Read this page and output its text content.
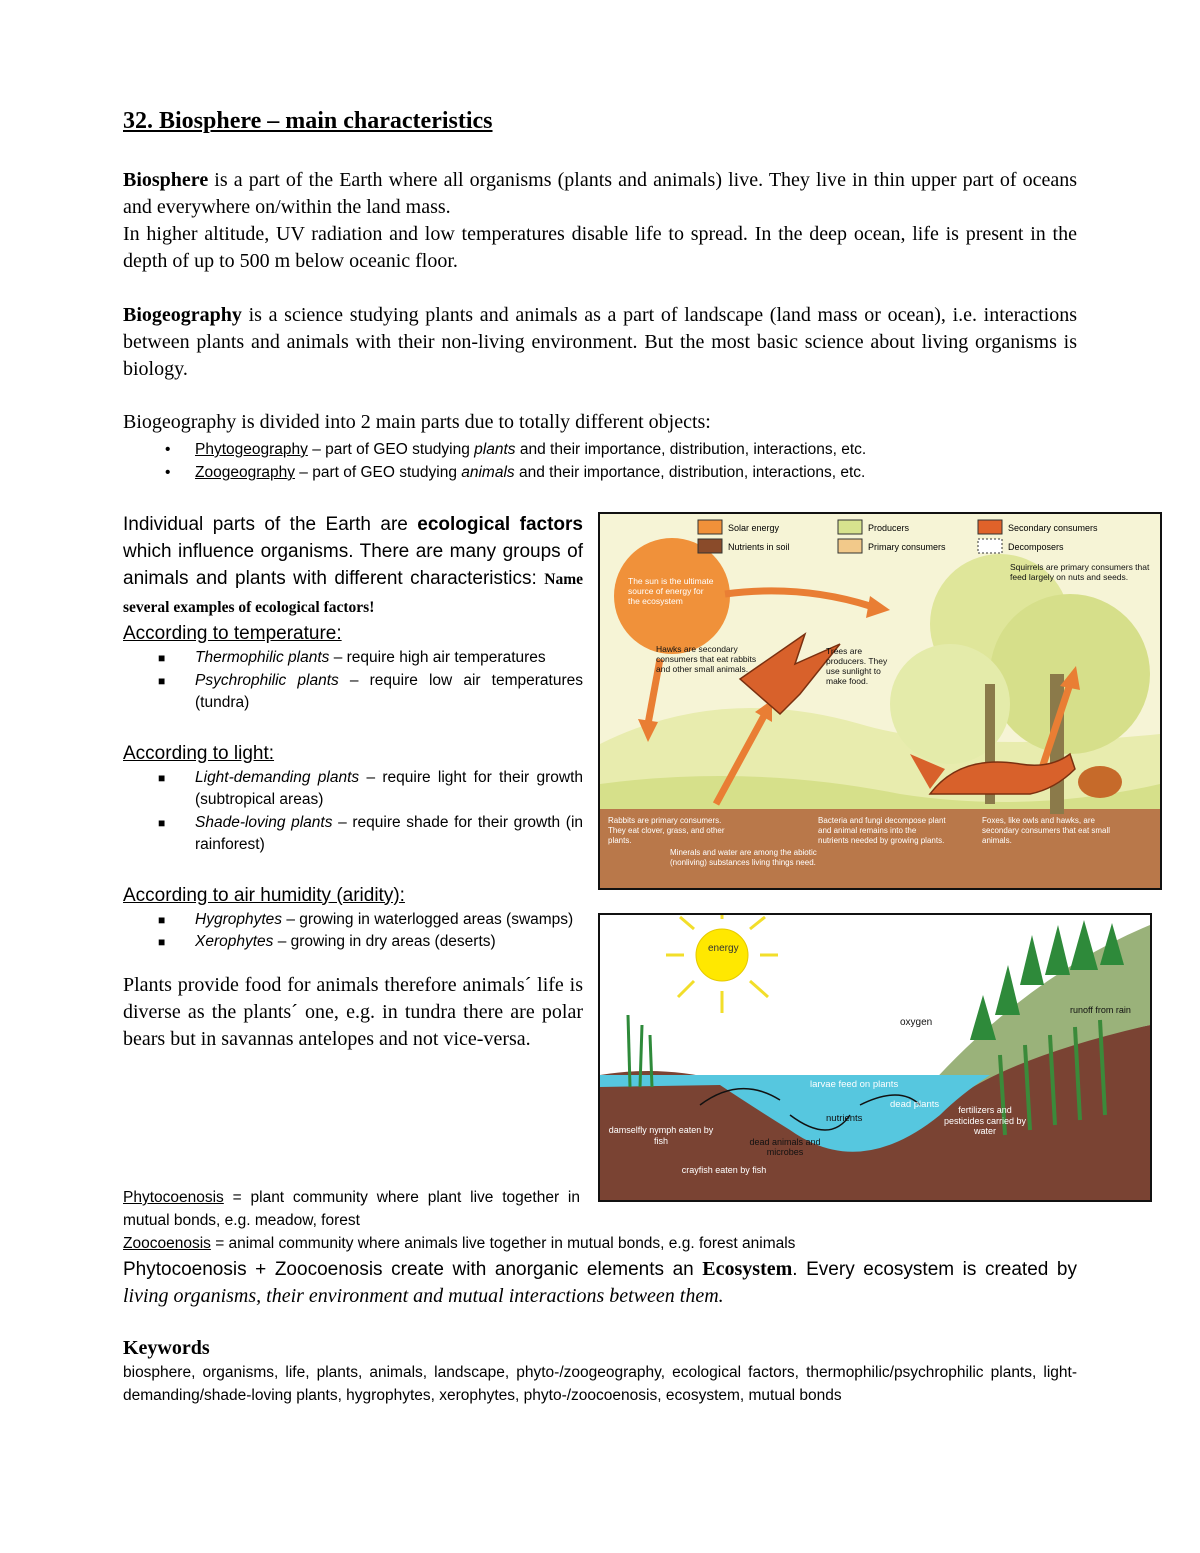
32. Biosphere – main characteristics
Biosphere is a part of the Earth where all organisms (plants and animals) live. They live in thin upper part of oceans and everywhere on/within the land mass.
In higher altitude, UV radiation and low temperatures disable life to spread. In the deep ocean, life is present in the depth of up to 500 m below oceanic floor.
Biogeography is a science studying plants and animals as a part of landscape (land mass or ocean), i.e. interactions between plants and animals with their non-living environment. But the most basic science about living organisms is biology.
Biogeography is divided into 2 main parts due to totally different objects:
• Phytogeography – part of GEO studying plants and their importance, distribution, interactions, etc.
• Zoogeography – part of GEO studying animals and their importance, distribution, interactions, etc.
Individual parts of the Earth are ecological factors which influence organisms. There are many groups of animals and plants with different characteristics: Name several examples of ecological factors!
According to temperature:
■ Thermophilic plants – require high air temperatures
■ Psychrophilic plants – require low air temperatures (tundra)
According to light:
■ Light-demanding plants – require light for their growth (subtropical areas)
■ Shade-loving plants – require shade for their growth (in rainforest)
According to air humidity (aridity):
■ Hygrophytes – growing in waterlogged areas (swamps)
■ Xerophytes – growing in dry areas (deserts)
Plants provide food for animals therefore animals´ life is diverse as the plants´ one, e.g. in tundra there are polar bears but in savannas antelopes and not vice-versa.
Phytocoenosis = plant community where plant live together in mutual bonds, e.g. meadow, forest
Zoocoenosis = animal community where animals live together in mutual bonds, e.g. forest animals
Phytocoenosis + Zoocoenosis create with anorganic elements an Ecosystem. Every ecosystem is created by living organisms, their environment and mutual interactions between them.
Keywords
biosphere, organisms, life, plants, animals, landscape, phyto-/zoogeography, ecological factors, thermophilic/psychrophilic plants, light-demanding/shade-loving plants, hygrophytes, xerophytes, phyto-/zoocoenosis, ecosystem, mutual bonds
Solar energy	Producers	Secondary consumers
Nutrients in soil	Primary consumers	Decomposers
The sun is the ultimate source of energy for the ecosystem
Hawks are secondary consumers that eat rabbits and other small animals.
Trees are producers. They use sunlight to make food.
Squirrels are primary consumers that feed largely on nuts and seeds.
Rabbits are primary consumers. They eat clover, grass, and other plants.
Minerals and water are among the abiotic (nonliving) substances living things need.
Bacteria and fungi decompose plant and animal remains into the nutrients needed by growing plants.
Foxes, like owls and hawks, are secondary consumers that eat small animals.
energy
oxygen
runoff from rain
larvae feed on plants
dead plants
nutrients
fertilizers and pesticides carried by water
damselfly nymph eaten by fish	dead animals and microbes
crayfish eaten by fish
